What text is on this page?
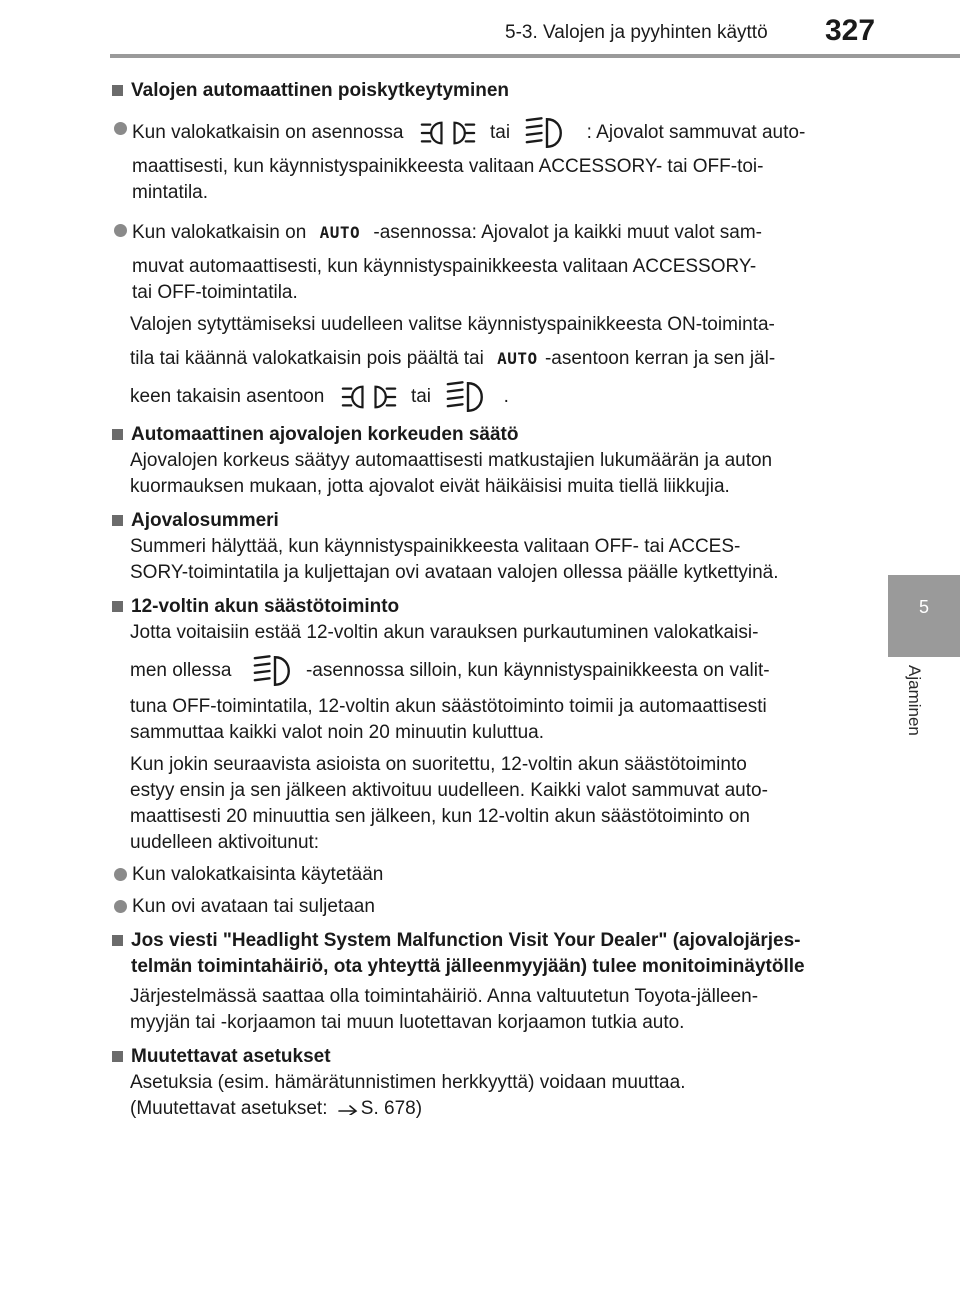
5-3. Valojen ja pyyhinten käyttö 327
5
Ajaminen
Valojen automaattinen poiskytkeytyminen
Kun valokatkaisin on asennossa	tai	: Ajovalot sammuvat auto-
maattisesti, kun käynnistyspainikkeesta valitaan ACCESSORY- tai OFF-toi-
mintatila.
Kun valokatkaisin on AUTO -asennossa: Ajovalot ja kaikki muut valot sam-
muvat automaattisesti, kun käynnistyspainikkeesta valitaan ACCESSORY-
tai OFF-toimintatila.
Valojen sytyttämiseksi uudelleen valitse käynnistyspainikkeesta ON-toiminta-
tila tai käännä valokatkaisin pois päältä tai AUTO -asentoon kerran ja sen jäl-
keen takaisin asentoon	tai	.
Automaattinen ajovalojen korkeuden säätö
Ajovalojen korkeus säätyy automaattisesti matkustajien lukumäärän ja auton
kuormauksen mukaan, jotta ajovalot eivät häikäisisi muita tiellä liikkujia.
Ajovalosummeri
Summeri hälyttää, kun käynnistyspainikkeesta valitaan OFF- tai ACCES-
SORY-toimintatila ja kuljettajan ovi avataan valojen ollessa päälle kytkettyinä.
12-voltin akun säästötoiminto
Jotta voitaisiin estää 12-voltin akun varauksen purkautuminen valokatkaisi-
men ollessa	-asennossa silloin, kun käynnistyspainikkeesta on valit-
tuna OFF-toimintatila, 12-voltin akun säästötoiminto toimii ja automaattisesti
sammuttaa kaikki valot noin 20 minuutin kuluttua.
Kun jokin seuraavista asioista on suoritettu, 12-voltin akun säästötoiminto
estyy ensin ja sen jälkeen aktivoituu uudelleen. Kaikki valot sammuvat auto-
maattisesti 20 minuuttia sen jälkeen, kun 12-voltin akun säästötoiminto on
uudelleen aktivoitunut:
Kun valokatkaisinta käytetään
Kun ovi avataan tai suljetaan
Jos viesti "Headlight System Malfunction Visit Your Dealer" (ajovalojärjes-
telmän toimintahäiriö, ota yhteyttä jälleenmyyjään) tulee monitoiminäytölle
Järjestelmässä saattaa olla toimintahäiriö. Anna valtuutetun Toyota-jälleen-
myyjän tai -korjaamon tai muun luotettavan korjaamon tutkia auto.
Muutettavat asetukset
Asetuksia (esim. hämärätunnistimen herkkyyttä) voidaan muuttaa.
(Muutettavat asetukset: S. 678)
